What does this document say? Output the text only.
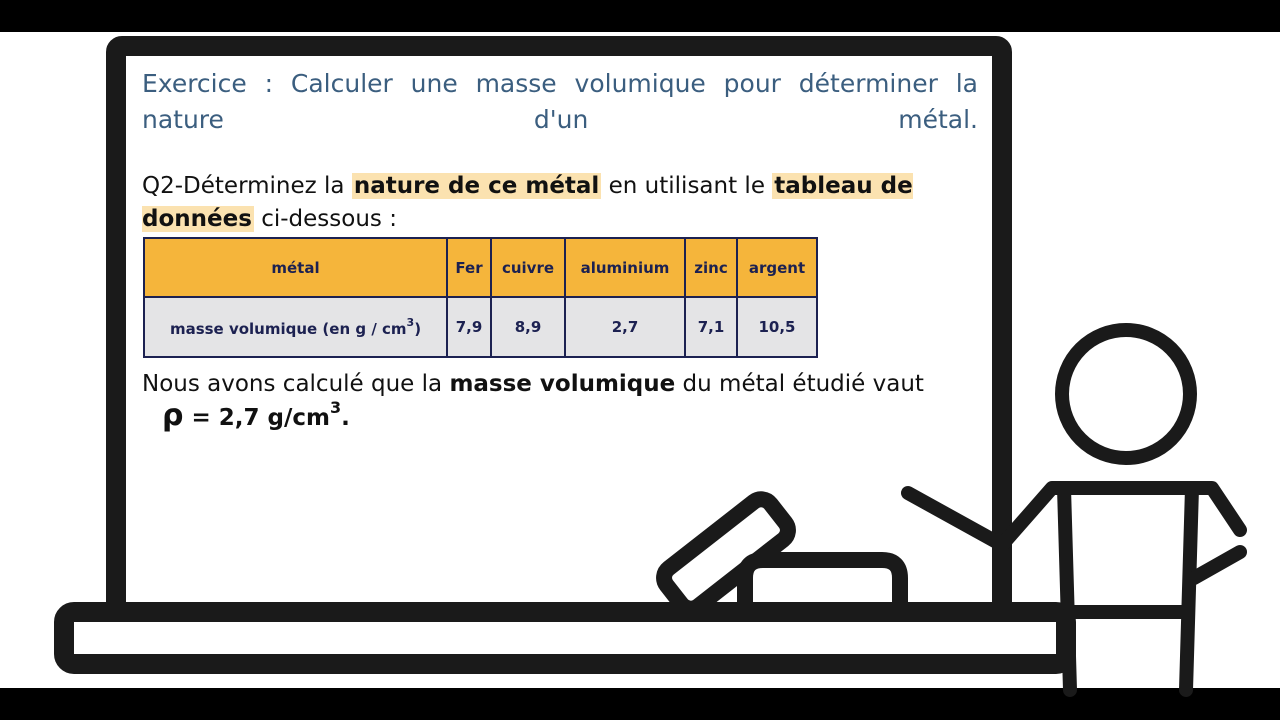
Exercice : Calculer une masse volumique pour déterminer la
nature d'un métal.

Q2-Déterminez la nature de ce métal en utilisant le tableau de données ci-dessous :
métal	Fer	cuivre	aluminium	zinc	argent
masse volumique (en g / $cm^3$)	7,9	8,9	2,7	7,1	10,5
Nous avons calculé que la masse volumique du métal étudié vaut
ρ = 2,7 $g/cm^3$.
